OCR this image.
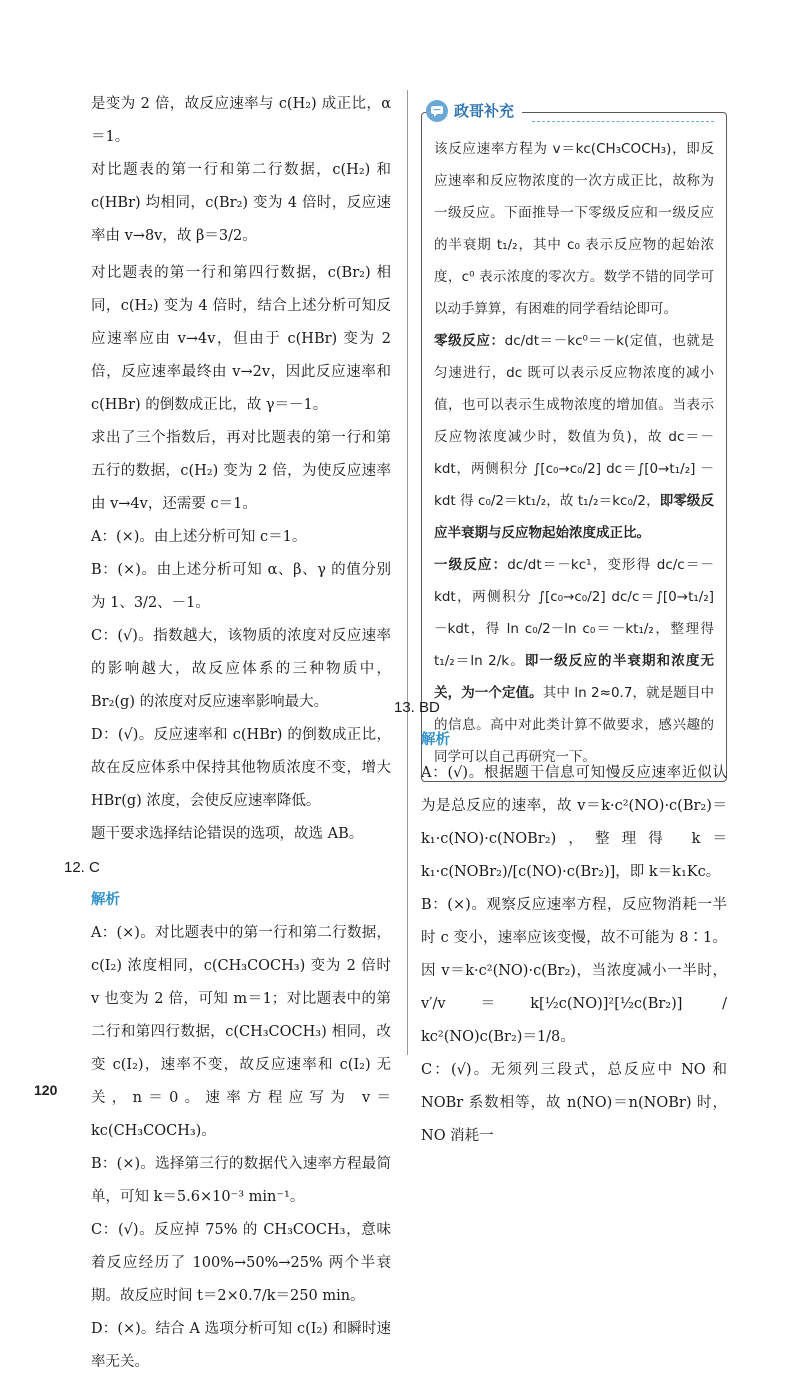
是变为 2 倍，故反应速率与 c(H₂) 成正比，α＝1。

对比题表的第一行和第二行数据，c(H₂) 和 c(HBr) 均相同，c(Br₂) 变为 4 倍时，反应速率由 v→8v，故 β＝3/2。

对比题表的第一行和第四行数据，c(Br₂) 相同，c(H₂) 变为 4 倍时，结合上述分析可知反应速率应由 v→4v，但由于 c(HBr) 变为 2 倍，反应速率最终由 v→2v，因此反应速率和 c(HBr) 的倒数成正比，故 γ＝－1。

求出了三个指数后，再对比题表的第一行和第五行的数据，c(H₂) 变为 2 倍，为使反应速率由 v→4v，还需要 c＝1。

A：(×)。由上述分析可知 c＝1。

B：(×)。由上述分析可知 α、β、γ 的值分别为 1、3/2、－1。

C：(√)。指数越大，该物质的浓度对反应速率的影响越大，故反应体系的三种物质中，Br₂(g) 的浓度对反应速率影响最大。

D：(√)。反应速率和 c(HBr) 的倒数成正比，故在反应体系中保持其他物质浓度不变，增大 HBr(g) 浓度，会使反应速率降低。

题干要求选择结论错误的选项，故选 AB。

12. C

解析

A：(×)。对比题表中的第一行和第二行数据，c(I₂) 浓度相同，c(CH₃COCH₃) 变为 2 倍时 v 也变为 2 倍，可知 m＝1；对比题表中的第二行和第四行数据，c(CH₃COCH₃) 相同，改变 c(I₂)，速率不变，故反应速率和 c(I₂) 无关，n＝0。速率方程应写为 v＝kc(CH₃COCH₃)。

B：(×)。选择第三行的数据代入速率方程最简单，可知 k＝5.6×10⁻³ min⁻¹。

C：(√)。反应掉 75% 的 CH₃COCH₃，意味着反应经历了 100%→50%→25% 两个半衰期。故反应时间 t＝2×0.7/k＝250 min。

D：(×)。结合 A 选项分析可知 c(I₂) 和瞬时速率无关。

政哥补充

该反应速率方程为 v＝kc(CH₃COCH₃)，即反应速率和反应物浓度的一次方成正比，故称为一级反应。下面推导一下零级反应和一级反应的半衰期 t₁/₂，其中 c₀ 表示反应物的起始浓度，c⁰ 表示浓度的零次方。数学不错的同学可以动手算算，有困难的同学看结论即可。

零级反应：dc/dt＝－kc⁰＝－k(定值，也就是匀速进行，dc 既可以表示反应物浓度的减小值，也可以表示生成物浓度的增加值。当表示反应物浓度减少时，数值为负)，故 dc＝－kdt，两侧积分 ∫[c₀→c₀/2] dc＝∫[0→t₁/₂] －kdt 得 c₀/2＝kt₁/₂，故 t₁/₂＝kc₀/2，即零级反应半衰期与反应物起始浓度成正比。

一级反应：dc/dt＝－kc¹，变形得 dc/c＝－kdt，两侧积分 ∫[c₀→c₀/2] dc/c＝∫[0→t₁/₂] －kdt，得 ln c₀/2－ln c₀＝－kt₁/₂，整理得 t₁/₂＝ln 2/k。即一级反应的半衰期和浓度无关，为一个定值。其中 ln 2≈0.7，就是题目中的信息。高中对此类计算不做要求，感兴趣的同学可以自己再研究一下。

13. BD

解析

A：(√)。根据题干信息可知慢反应速率近似认为是总反应的速率，故 v＝k·c²(NO)·c(Br₂)＝k₁·c(NO)·c(NOBr₂)，整理得 k＝k₁·c(NOBr₂)/[c(NO)·c(Br₂)]，即 k＝k₁Kc。

B：(×)。观察反应速率方程，反应物消耗一半时 c 变小，速率应该变慢，故不可能为 8∶1。因 v＝k·c²(NO)·c(Br₂)，当浓度减小一半时，v′/v＝k[½c(NO)]²[½c(Br₂)] / kc²(NO)c(Br₂)＝1/8。

C：(√)。无须列三段式，总反应中 NO 和 NOBr 系数相等，故 n(NO)＝n(NOBr) 时，NO 消耗一

120
